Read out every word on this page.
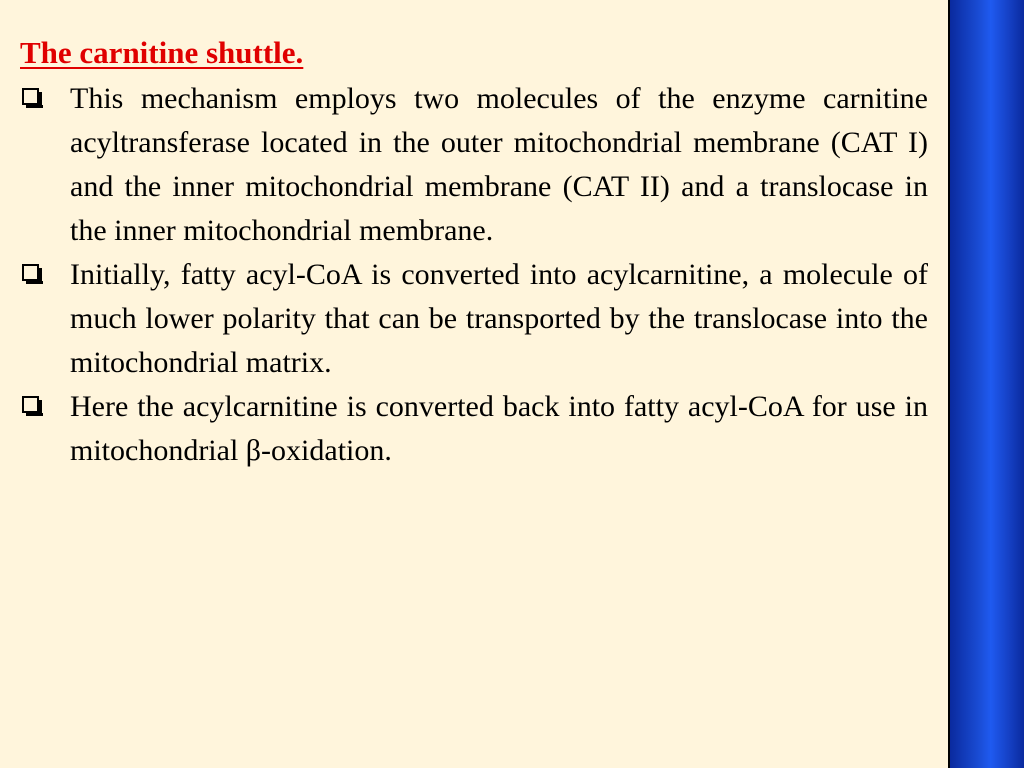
The carnitine shuttle.
This mechanism employs two molecules of the enzyme carnitine acyltransferase located in the outer mitochondrial membrane (CAT I) and the inner mitochondrial membrane (CAT II) and a translocase in the inner mitochondrial membrane.
Initially, fatty acyl-CoA is converted into acylcarnitine, a molecule of much lower polarity that can be transported by the translocase into the mitochondrial matrix.
Here the acylcarnitine is converted back into fatty acyl-CoA for use in mitochondrial β-oxidation.
